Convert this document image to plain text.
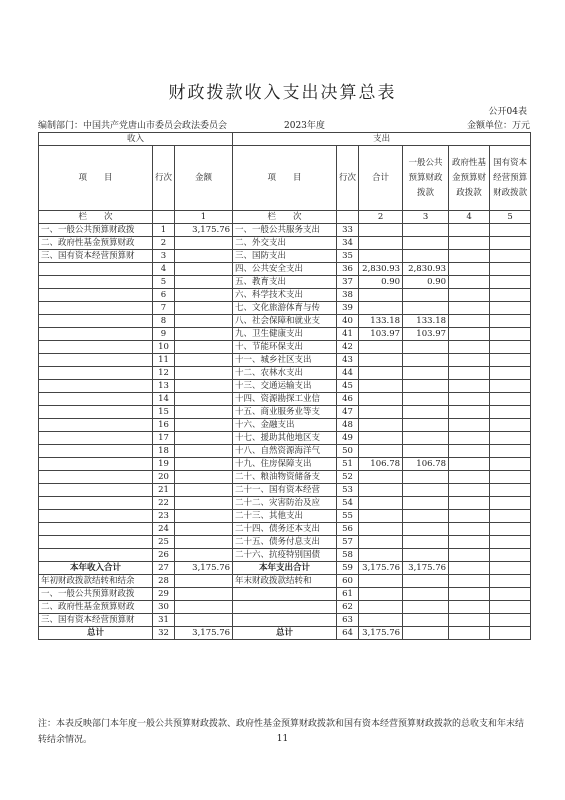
财政拨款收入支出决算总表
公开04表
编制部门：中国共产党唐山市委员会政法委员会	2023年度	金额单位：万元
收入			支出					
项　　目	行次	金额	项　　目	行次	合计	一般公共预算财政拨款	政府性基金预算财政拨款	国有资本经营预算财政拨款
栏　　次		1	栏　　次		2	3	4	5
一、一般公共预算财政拨	1	3,175.76	一、一般公共服务支出	33				
二、政府性基金预算财政	2		二、外交支出	34				
三、国有资本经营预算财	3		三、国防支出	35				
	4		四、公共安全支出	36	2,830.93	2,830.93		
	5		五、教育支出	37	0.90	0.90		
	6		六、科学技术支出	38				
	7		七、文化旅游体育与传	39				
	8		八、社会保障和就业支	40	133.18	133.18		
	9		九、卫生健康支出	41	103.97	103.97		
	10		十、节能环保支出	42				
	11		十一、城乡社区支出	43				
	12		十二、农林水支出	44				
	13		十三、交通运输支出	45				
	14		十四、资源勘探工业信	46				
	15		十五、商业服务业等支	47				
	16		十六、金融支出	48				
	17		十七、援助其他地区支	49				
	18		十八、自然资源海洋气	50				
	19		十九、住房保障支出	51	106.78	106.78		
	20		二十、粮油物资储备支	52				
	21		二十一、国有资本经营	53				
	22		二十二、灾害防治及应	54				
	23		二十三、其他支出	55				
	24		二十四、债务还本支出	56				
	25		二十五、债务付息支出	57				
	26		二十六、抗疫特别国债	58				
本年收入合计	27	3,175.76	本年支出合计	59	3,175.76	3,175.76		
年初财政拨款结转和结余	28		年末财政拨款结转和	60				
一、一般公共预算财政拨	29			61				
二、政府性基金预算财政	30			62				
三、国有资本经营预算财	31			63				
总计	32	3,175.76	总计	64	3,175.76			
注：本表反映部门本年度一般公共预算财政拨款、政府性基金预算财政拨款和国有资本经营预算财政拨款的总收支和年末结转结余情况。	11
